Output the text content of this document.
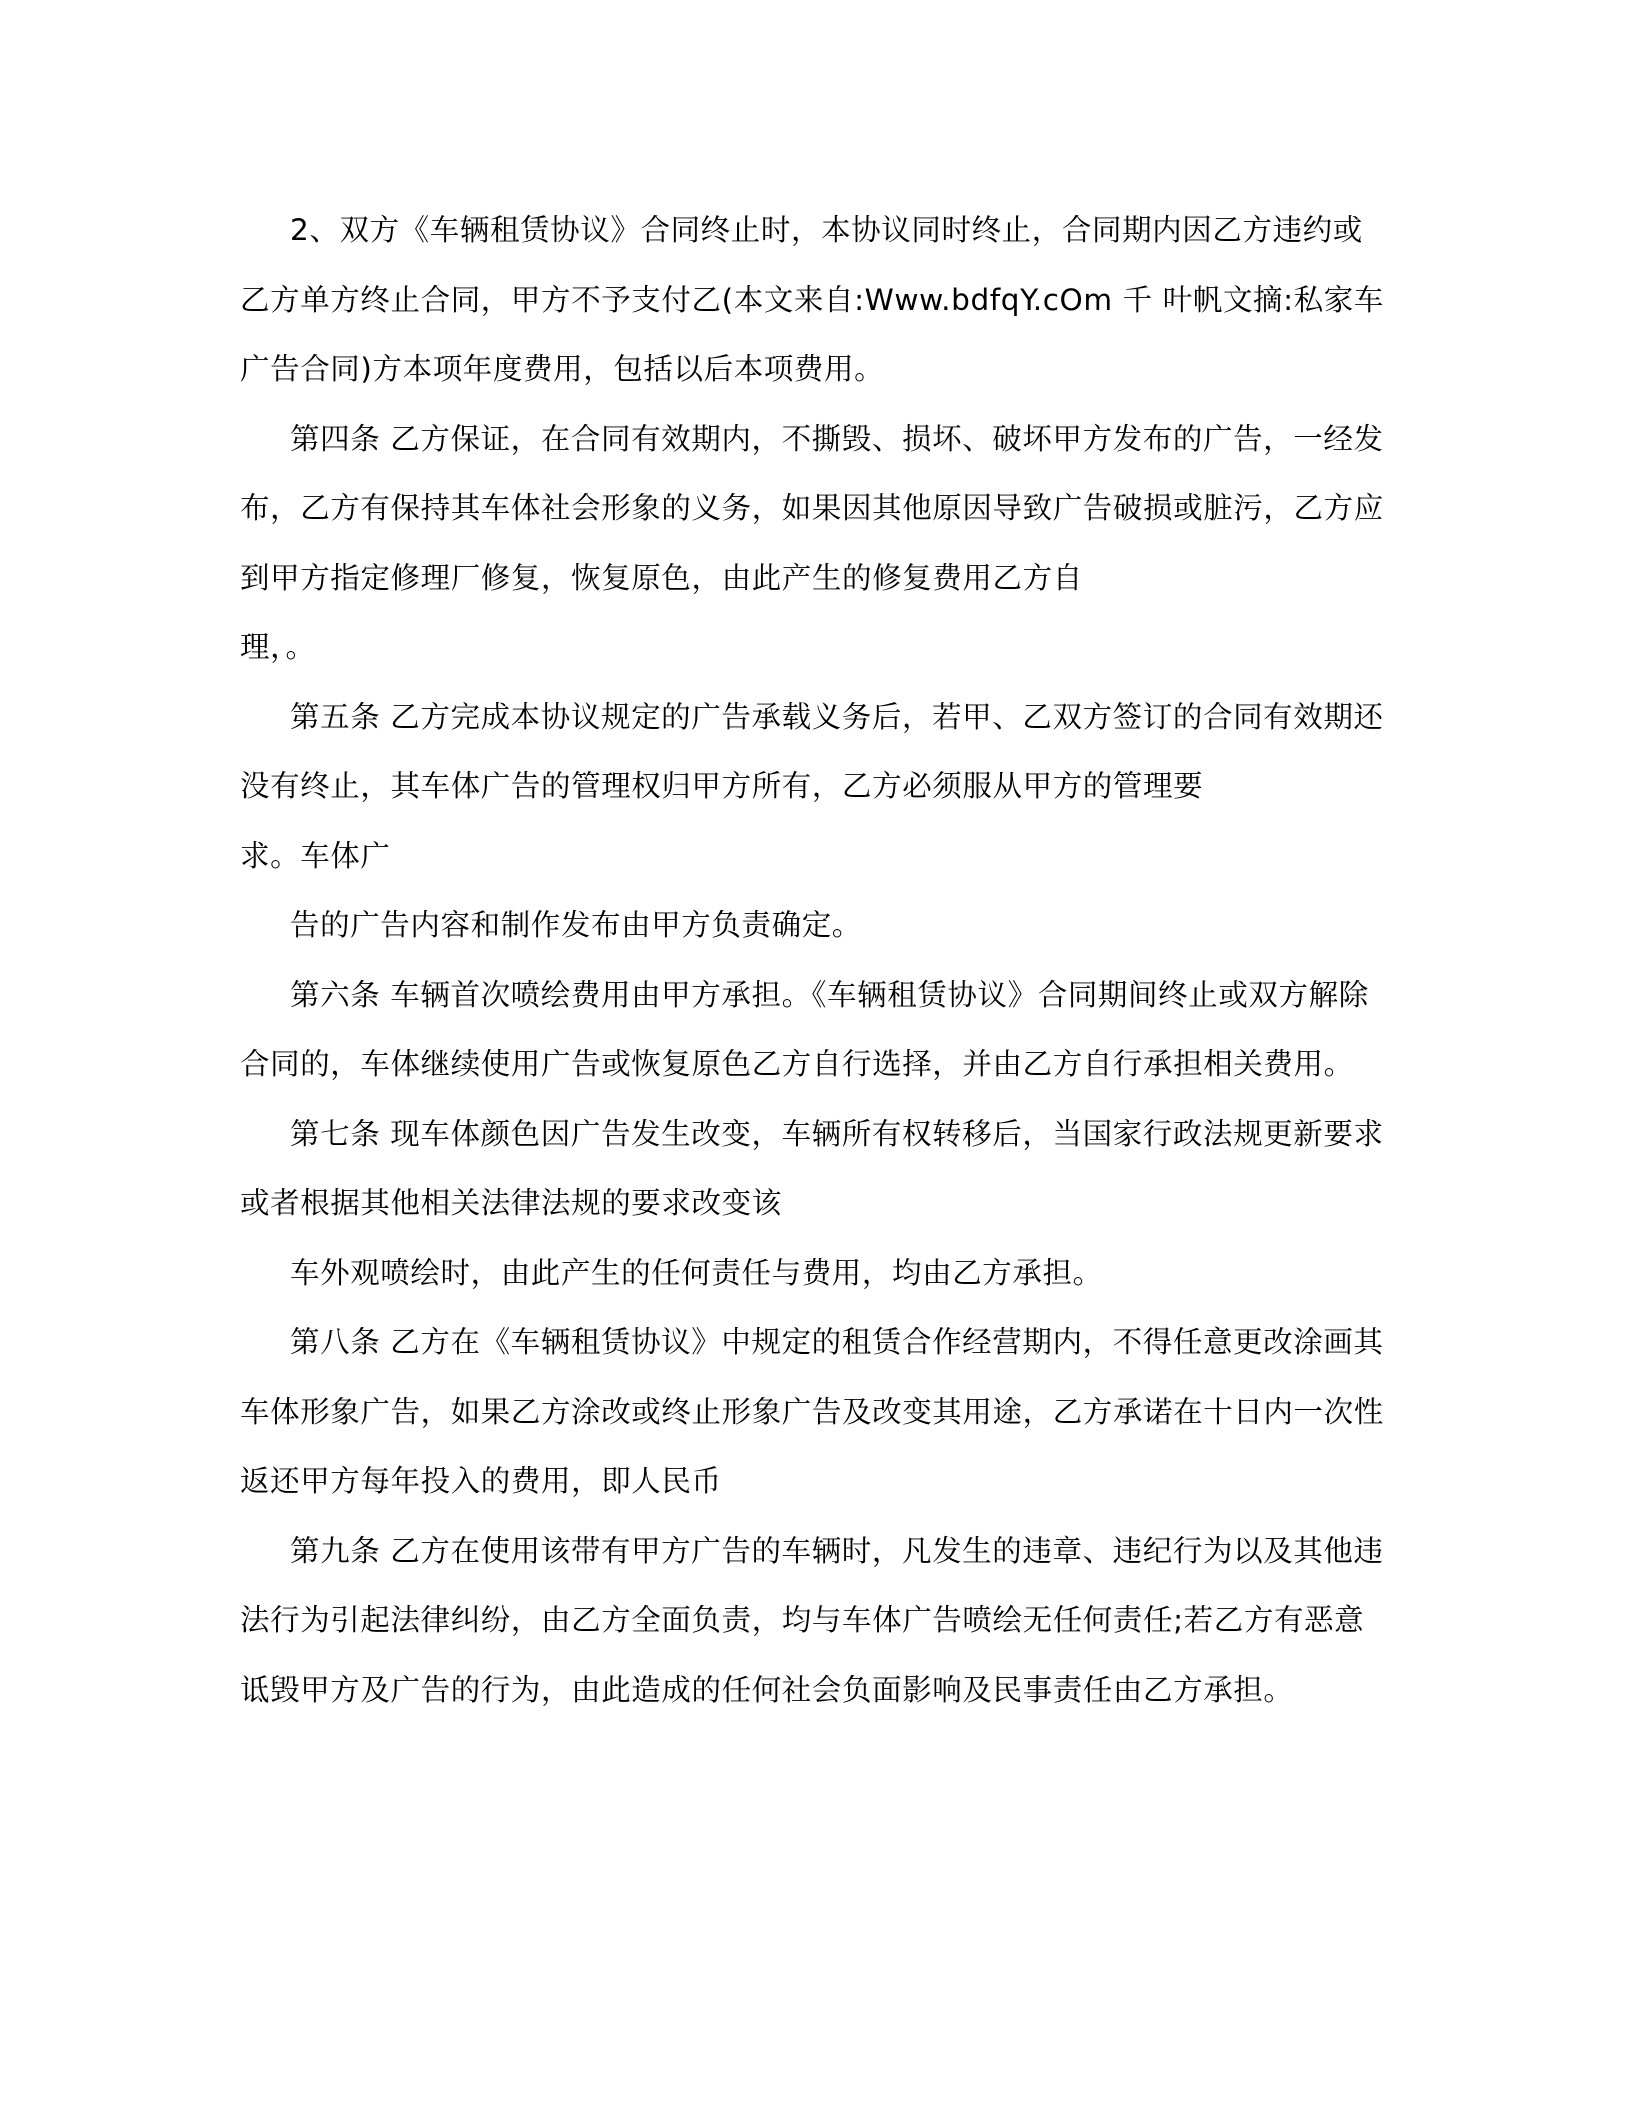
2、双方《车辆租赁协议》合同终止时，本协议同时终止，合同期内因乙方违约或乙方单方终止合同，甲方不予支付乙(本文来自:Www.bdfqY.cOm 千 叶帆文摘:私家车广告合同)方本项年度费用，包括以后本项费用。

第四条 乙方保证，在合同有效期内，不撕毁、损坏、破坏甲方发布的广告，一经发布，乙方有保持其车体社会形象的义务，如果因其他原因导致广告破损或脏污，乙方应到甲方指定修理厂修复，恢复原色，由此产生的修复费用乙方自

理，。

第五条 乙方完成本协议规定的广告承载义务后，若甲、乙双方签订的合同有效期还没有终止，其车体广告的管理权归甲方所有，乙方必须服从甲方的管理要

求。车体广

告的广告内容和制作发布由甲方负责确定。

第六条 车辆首次喷绘费用由甲方承担。《车辆租赁协议》合同期间终止或双方解除合同的，车体继续使用广告或恢复原色乙方自行选择，并由乙方自行承担相关费用。

第七条 现车体颜色因广告发生改变，车辆所有权转移后，当国家行政法规更新要求或者根据其他相关法律法规的要求改变该

车外观喷绘时，由此产生的任何责任与费用，均由乙方承担。

第八条 乙方在《车辆租赁协议》中规定的租赁合作经营期内，不得任意更改涂画其车体形象广告，如果乙方涂改或终止形象广告及改变其用途，乙方承诺在十日内一次性返还甲方每年投入的费用，即人民币

第九条 乙方在使用该带有甲方广告的车辆时，凡发生的违章、违纪行为以及其他违法行为引起法律纠纷，由乙方全面负责，均与车体广告喷绘无任何责任;若乙方有恶意诋毁甲方及广告的行为，由此造成的任何社会负面影响及民事责任由乙方承担。
